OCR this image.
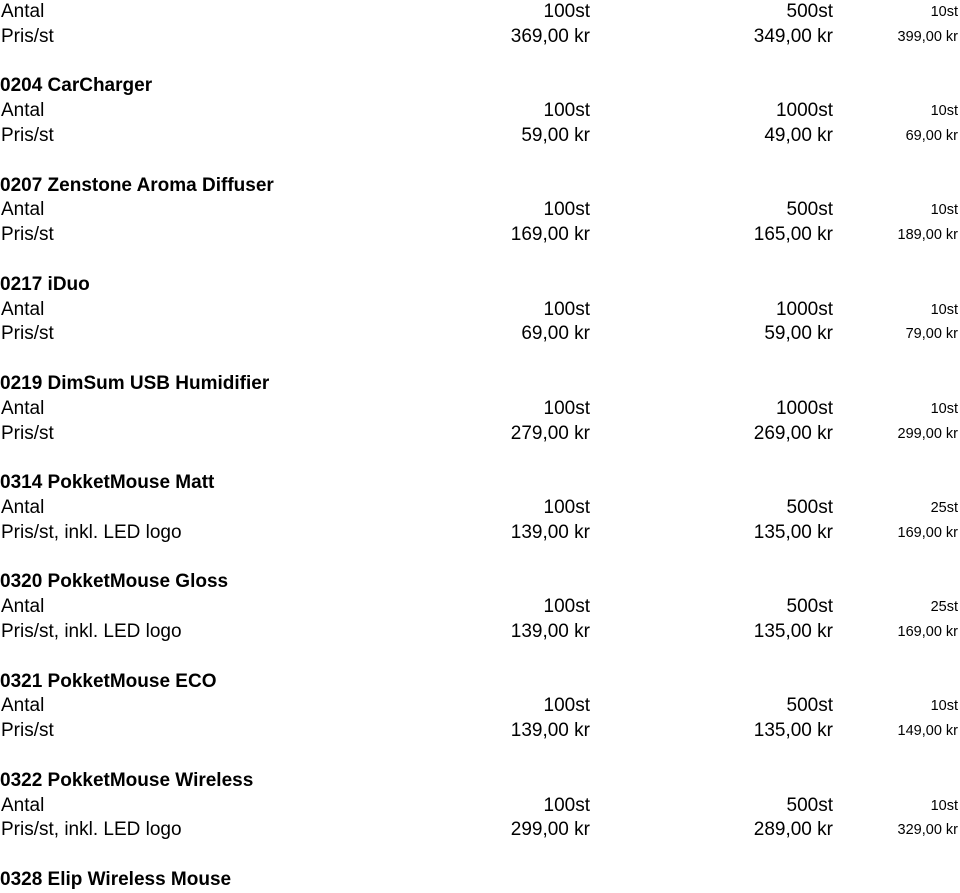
Antal	100st	500st	10st
Pris/st	369,00 kr	349,00 kr	399,00 kr
0204 CarCharger
Antal	100st	1000st	10st
Pris/st	59,00 kr	49,00 kr	69,00 kr
0207 Zenstone Aroma Diffuser
Antal	100st	500st	10st
Pris/st	169,00 kr	165,00 kr	189,00 kr
0217 iDuo
Antal	100st	1000st	10st
Pris/st	69,00 kr	59,00 kr	79,00 kr
0219 DimSum USB Humidifier
Antal	100st	1000st	10st
Pris/st	279,00 kr	269,00 kr	299,00 kr
0314 PokketMouse Matt
Antal	100st	500st	25st
Pris/st, inkl. LED logo	139,00 kr	135,00 kr	169,00 kr
0320 PokketMouse Gloss
Antal	100st	500st	25st
Pris/st, inkl. LED logo	139,00 kr	135,00 kr	169,00 kr
0321 PokketMouse ECO
Antal	100st	500st	10st
Pris/st	139,00 kr	135,00 kr	149,00 kr
0322 PokketMouse Wireless
Antal	100st	500st	10st
Pris/st, inkl. LED logo	299,00 kr	289,00 kr	329,00 kr
0328 Elip Wireless Mouse
